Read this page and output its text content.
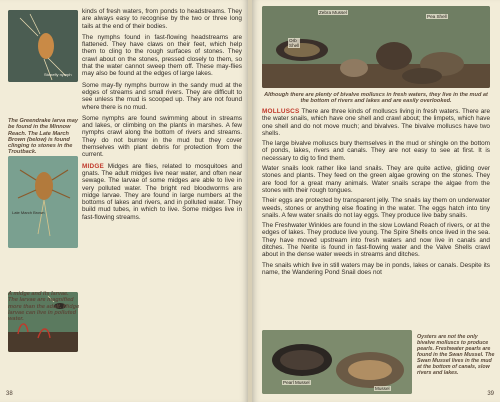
Stonefly nymph
Late March Brown
The Greendrake larva may be found in the Minnow Reach. The Late March Brown (below) is found clinging to stones in the Troutback.
A midge and its larvae. The larvae are magnified more than the adult. Midge larvae can live in polluted water.

kinds of fresh waters, from ponds to headstreams. They are always easy to recognise by the two or three long tails at the end of their bodies.

The nymphs found in fast-flowing headstreams are flattened. They have claws on their feet, which help them to cling to the rough surfaces of stones. They crawl about on the stones, pressed closely to them, so that the water cannot sweep them off. These may-flies may also be found at the edges of large lakes.

Some may-fly nymphs burrow in the sandy mud at the edges of streams and small rivers. They are difficult to see unless the mud is scooped up. They are not found where there is no mud.

Some nymphs are found swimming about in streams and lakes, or climbing on the plants in marshes. A few nymphs crawl along the bottom of rivers and streams. They do not burrow in the mud but they cover themselves with plant debris for protection from the current.

MIDGE Midges are flies, related to mosquitoes and gnats. The adult midges live near water, and often near sewage. The larvae of some midges are able to live in very polluted water. The bright red bloodworms are midge larvae. They are found in large numbers at the bottoms of lakes and rivers, and in polluted water. They build mud tubes, in which to live. Some midges live in fast-flowing streams.

38
Zebra Mussel
Pea Shell
Orb
Shell
Although there are plenty of bivalve molluscs in fresh waters, they live in the mud at the bottom of rivers and lakes and are easily overlooked.

MOLLUSCS There are three kinds of molluscs living in fresh waters. There are the water snails, which have one shell and crawl about; the limpets, which have one shell and do not move much; and bivalves. The bivalve molluscs have two shells.

The large bivalve molluscs bury themselves in the mud or shingle on the bottom of ponds, lakes, rivers and canals. They are not easy to see at first. It is necessary to dig to find them.

Water snails look rather like land snails. They are quite active, gliding over stones and plants. They feed on the green algae growing on the stones. They are food for a great many animals. Water snails scrape the algae from the stones with their rough tongues.

Their eggs are protected by transparent jelly. The snails lay them on underwater weeds, stones or anything else floating in the water. The eggs hatch into tiny snails. A few water snails do not lay eggs. They produce live baby snails.

The Freshwater Winkles are found in the slow Lowland Reach of rivers, or at the edges of lakes. They produce live young. The Spire Shells once lived in the sea. They have moved upstream into fresh waters and now live in canals and ditches. The Nerite is found in fast-flowing water and the Valve Shells crawl about in the dense water weeds in streams and ditches.

The snails which live in still waters may be in ponds, lakes or canals. Despite its name, the Wandering Pond Snail does not

Pearl Mussel
Mussel
Oysters are not the only bivalve molluscs to produce pearls. Freshwater pearls are found in the Swan Mussel. The Swan Mussel lives in the mud at the bottom of canals, slow rivers and lakes.
39
